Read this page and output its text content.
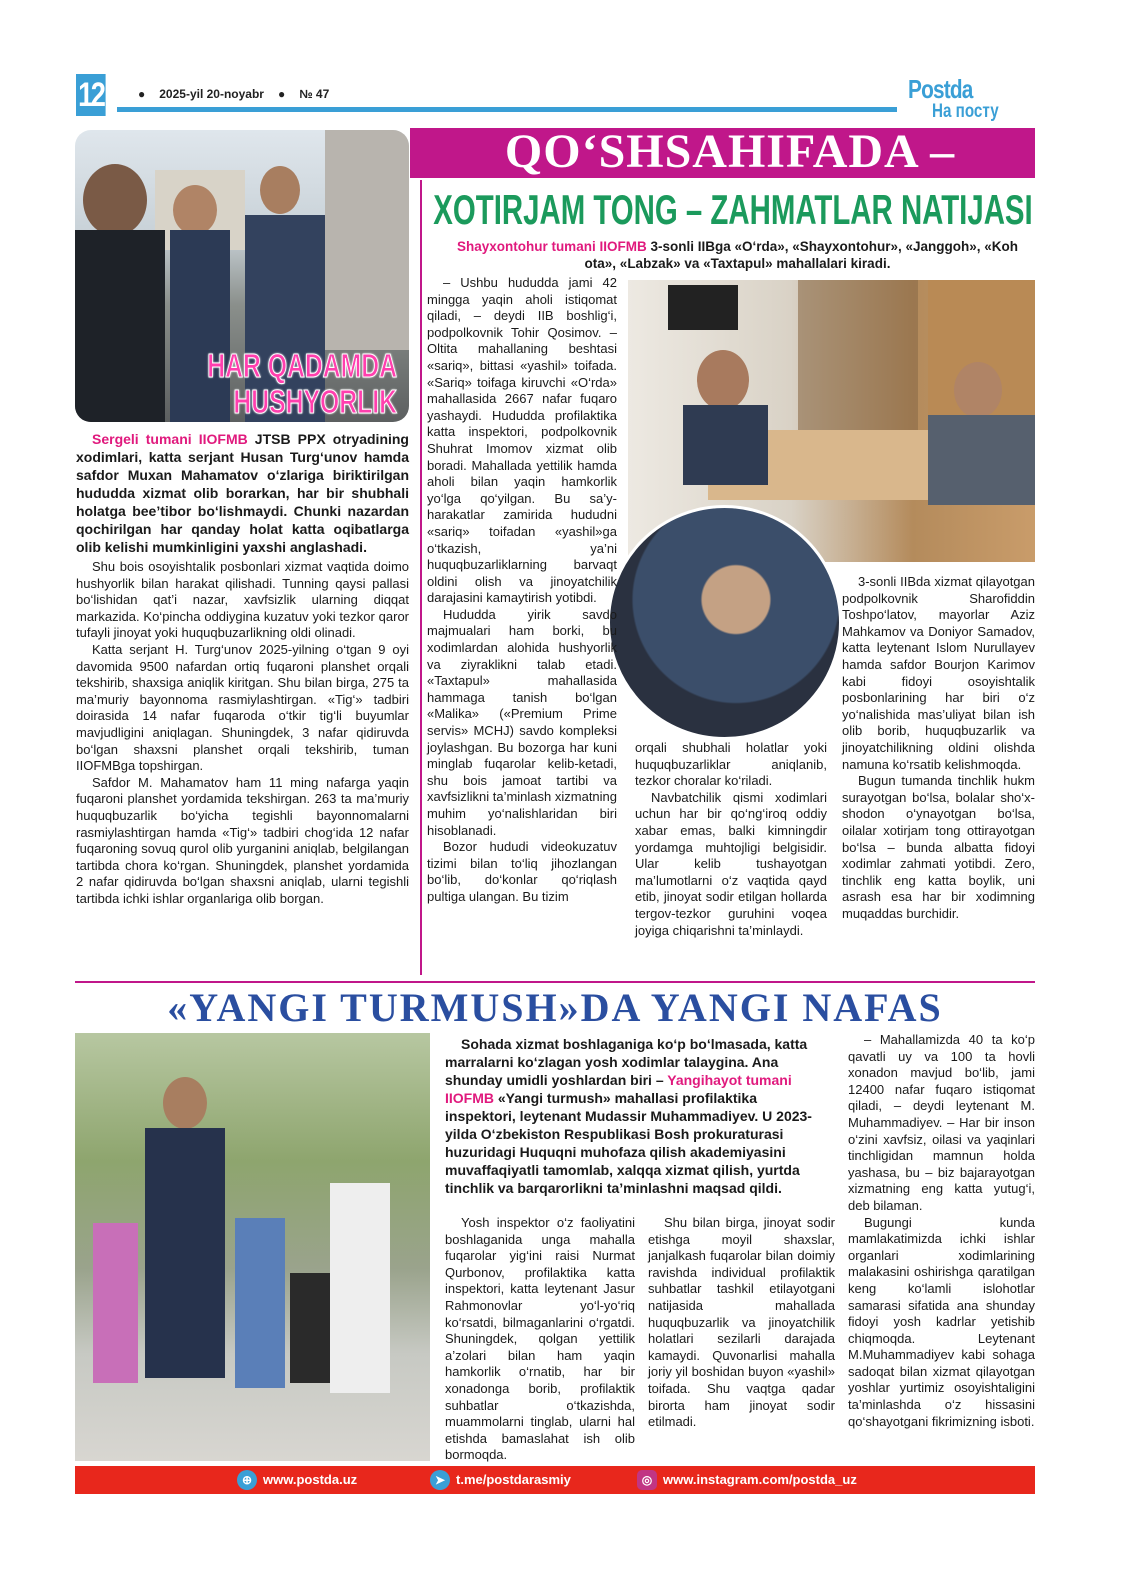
12	● 2025-yil 20-noyabr ● № 47	Postda
На посту
QO‘SHSAHIFADA –
HAR QADAMDA
HUSHYORLIK

Sergeli tumani IIOFMB JTSB PPX otryadining xodimlari, katta serjant Husan Turg‘unov hamda safdor Muxan Mahamatov o‘zlariga biriktirilgan hududda xizmat olib borarkan, har bir shubhali holatga bee’tibor bo‘lishmaydi. Chunki nazardan qochirilgan har qanday holat katta oqibatlarga olib kelishi mumkinligini yaxshi anglashadi.

Shu bois osoyishtalik posbonlari xizmat vaqtida doimo hushyorlik bilan harakat qilishadi. Tunning qaysi pallasi bo‘lishidan qat’i nazar, xavfsizlik ularning diqqat markazida. Ko‘pincha oddiygina kuzatuv yoki tezkor qaror tufayli jinoyat yoki huquqbuzarlikning oldi olinadi.

Katta serjant H. Turg‘unov 2025-yilning o‘tgan 9 oyi davomida 9500 nafardan ortiq fuqaroni planshet orqali tekshirib, shaxsiga aniqlik kiritgan. Shu bilan birga, 275 ta ma’muriy bayonnoma rasmiylashtirgan. «Tig‘» tadbiri doirasida 14 nafar fuqaroda o‘tkir tig‘li buyumlar mavjudligini aniqlagan. Shuningdek, 3 nafar qidiruvda bo‘lgan shaxsni planshet orqali tekshirib, tuman IIOFMBga topshirgan.

Safdor M. Mahamatov ham 11 ming nafarga yaqin fuqaroni planshet yordamida tekshirgan. 263 ta ma’muriy huquqbuzarlik bo‘yicha tegishli bayonnomalarni rasmiylashtirgan hamda «Tig‘» tadbiri chog‘ida 12 nafar fuqaroning sovuq qurol olib yurganini aniqlab, belgilangan tartibda chora ko‘rgan. Shuningdek, planshet yordamida 2 nafar qidiruvda bo‘lgan shaxsni aniqlab, ularni tegishli tartibda ichki ishlar organlariga olib borgan.

XOTIRJAM TONG – ZAHMATLAR NATIJASI
Shayxontohur tumani IIOFMB 3-sonli IIBga «O‘rda», «Shayxontohur», «Janggoh», «Koh ota», «Labzak» va «Taxtapul» mahallalari kiradi.

– Ushbu hududda jami 42 mingga yaqin aholi istiqomat qiladi, – deydi IIB boshlig‘i, podpolkovnik Tohir Qosimov. – Oltita mahallaning beshtasi «sariq», bittasi «yashil» toifada. «Sariq» toifaga kiruvchi «O‘rda» mahallasida 2667 nafar fuqaro yashaydi. Hududda profilaktika katta inspektori, podpolkovnik Shuhrat Imomov xizmat olib boradi. Mahallada yettilik hamda aholi bilan yaqin hamkorlik yo‘lga qo‘yilgan. Bu sa’y-harakatlar zamirida hududni «sariq» toifadan «yashil»ga o‘tkazish, ya’ni huquqbuzarliklarning barvaqt oldini olish va jinoyatchilik darajasini kamaytirish yotibdi.

Hududda yirik savdo majmualari ham borki, bu xodimlardan alohida hushyorlik va ziyraklikni talab etadi. «Taxtapul» mahallasida hammaga tanish bo‘lgan «Malika» («Premium Prime servis» MCHJ) savdo kompleksi joylashgan. Bu bozorga har kuni minglab fuqarolar kelib-ketadi, shu bois jamoat tartibi va xavfsizlikni ta’minlash xizmatning muhim yo‘nalishlaridan biri hisoblanadi.

Bozor hududi videokuzatuv tizimi bilan to‘liq jihozlangan bo‘lib, do‘konlar qo‘riqlash pultiga ulangan. Bu tizim

orqali shubhali holatlar yoki huquqbuzarliklar aniqlanib, tezkor choralar ko‘riladi.

Navbatchilik qismi xodimlari uchun har bir qo‘ng‘iroq oddiy xabar emas, balki kimningdir yordamga muhtojligi belgisidir. Ular kelib tushayotgan ma’lumotlarni o‘z vaqtida qayd etib, jinoyat sodir etilgan hollarda tergov-tezkor guruhini voqea joyiga chiqarishni ta’minlaydi.

3-sonli IIBda xizmat qilayotgan podpolkovnik Sharofiddin Toshpo‘latov, mayorlar Aziz Mahkamov va Doniyor Samadov, katta leytenant Islom Nurullayev hamda safdor Bourjon Karimov kabi fidoyi osoyishtalik posbonlarining har biri o‘z yo‘nalishida mas’uliyat bilan ish olib borib, huquqbuzarlik va jinoyatchilikning oldini olishda namuna ko‘rsatib kelishmoqda.

Bugun tumanda tinchlik hukm surayotgan bo‘lsa, bolalar sho‘x-shodon o‘ynayotgan bo‘lsa, oilalar xotirjam tong ottirayotgan bo‘lsa – bunda albatta fidoyi xodimlar zahmati yotibdi. Zero, tinchlik eng katta boylik, uni asrash esa har bir xodimning muqaddas burchidir.

«YANGI TURMUSH»DA YANGI NAFAS

Sohada xizmat boshlaganiga ko‘p bo‘lmasada, katta marralarni ko‘zlagan yosh xodimlar talaygina. Ana shunday umidli yoshlardan biri – Yangihayot tumani IIOFMB «Yangi turmush» mahallasi profilaktika inspektori, leytenant Mudassir Muhammadiyev. U 2023-yilda O‘zbekiston Respublikasi Bosh prokuraturasi huzuridagi Huquqni muhofaza qilish akademiyasini muvaffaqiyatli tamomlab, xalqqa xizmat qilish, yurtda tinchlik va barqarorlikni ta’minlashni maqsad qildi.

Yosh inspektor o‘z faoliyatini boshlaganida unga mahalla fuqarolar yig‘ini raisi Nurmat Qurbonov, profilaktika katta inspektori, katta leytenant Jasur Rahmonovlar yo‘l-yo‘riq ko‘rsatdi, bilmaganlarini o‘rgatdi. Shuningdek, qolgan yettilik a’zolari bilan ham yaqin hamkorlik o‘rnatib, har bir xonadonga borib, profilaktik suhbatlar o‘tkazishda, muammolarni tinglab, ularni hal etishda bamaslahat ish olib bormoqda.

Shu bilan birga, jinoyat sodir etishga moyil shaxslar, janjalkash fuqarolar bilan doimiy ravishda individual profilaktik suhbatlar tashkil etilayotgani natijasida mahallada huquqbuzarlik va jinoyatchilik holatlari sezilarli darajada kamaydi. Quvonarlisi mahalla joriy yil boshidan buyon «yashil» toifada. Shu vaqtga qadar birorta ham jinoyat sodir etilmadi.

– Mahallamizda 40 ta ko‘p qavatli uy va 100 ta hovli xonadon mavjud bo‘lib, jami 12400 nafar fuqaro istiqomat qiladi, – deydi leytenant M. Muhammadiyev. – Har bir inson o‘zini xavfsiz, oilasi va yaqinlari tinchligidan mamnun holda yashasa, bu – biz bajarayotgan xizmatning eng katta yutug‘i, deb bilaman.

Bugungi kunda mamlakatimizda ichki ishlar organlari xodimlarining malakasini oshirishga qaratilgan keng ko‘lamli islohotlar samarasi sifatida ana shunday fidoyi yosh kadrlar yetishib chiqmoqda. Leytenant M.Muhammadiyev kabi sohaga sadoqat bilan xizmat qilayotgan yoshlar yurtimiz osoyishtaligini ta’minlashda o‘z hissasini qo‘shayotgani fikrimizning isboti.

⊕ www.postda.uz	➤ t.me/postdarasmiy	◎ www.instagram.com/postda_uz
